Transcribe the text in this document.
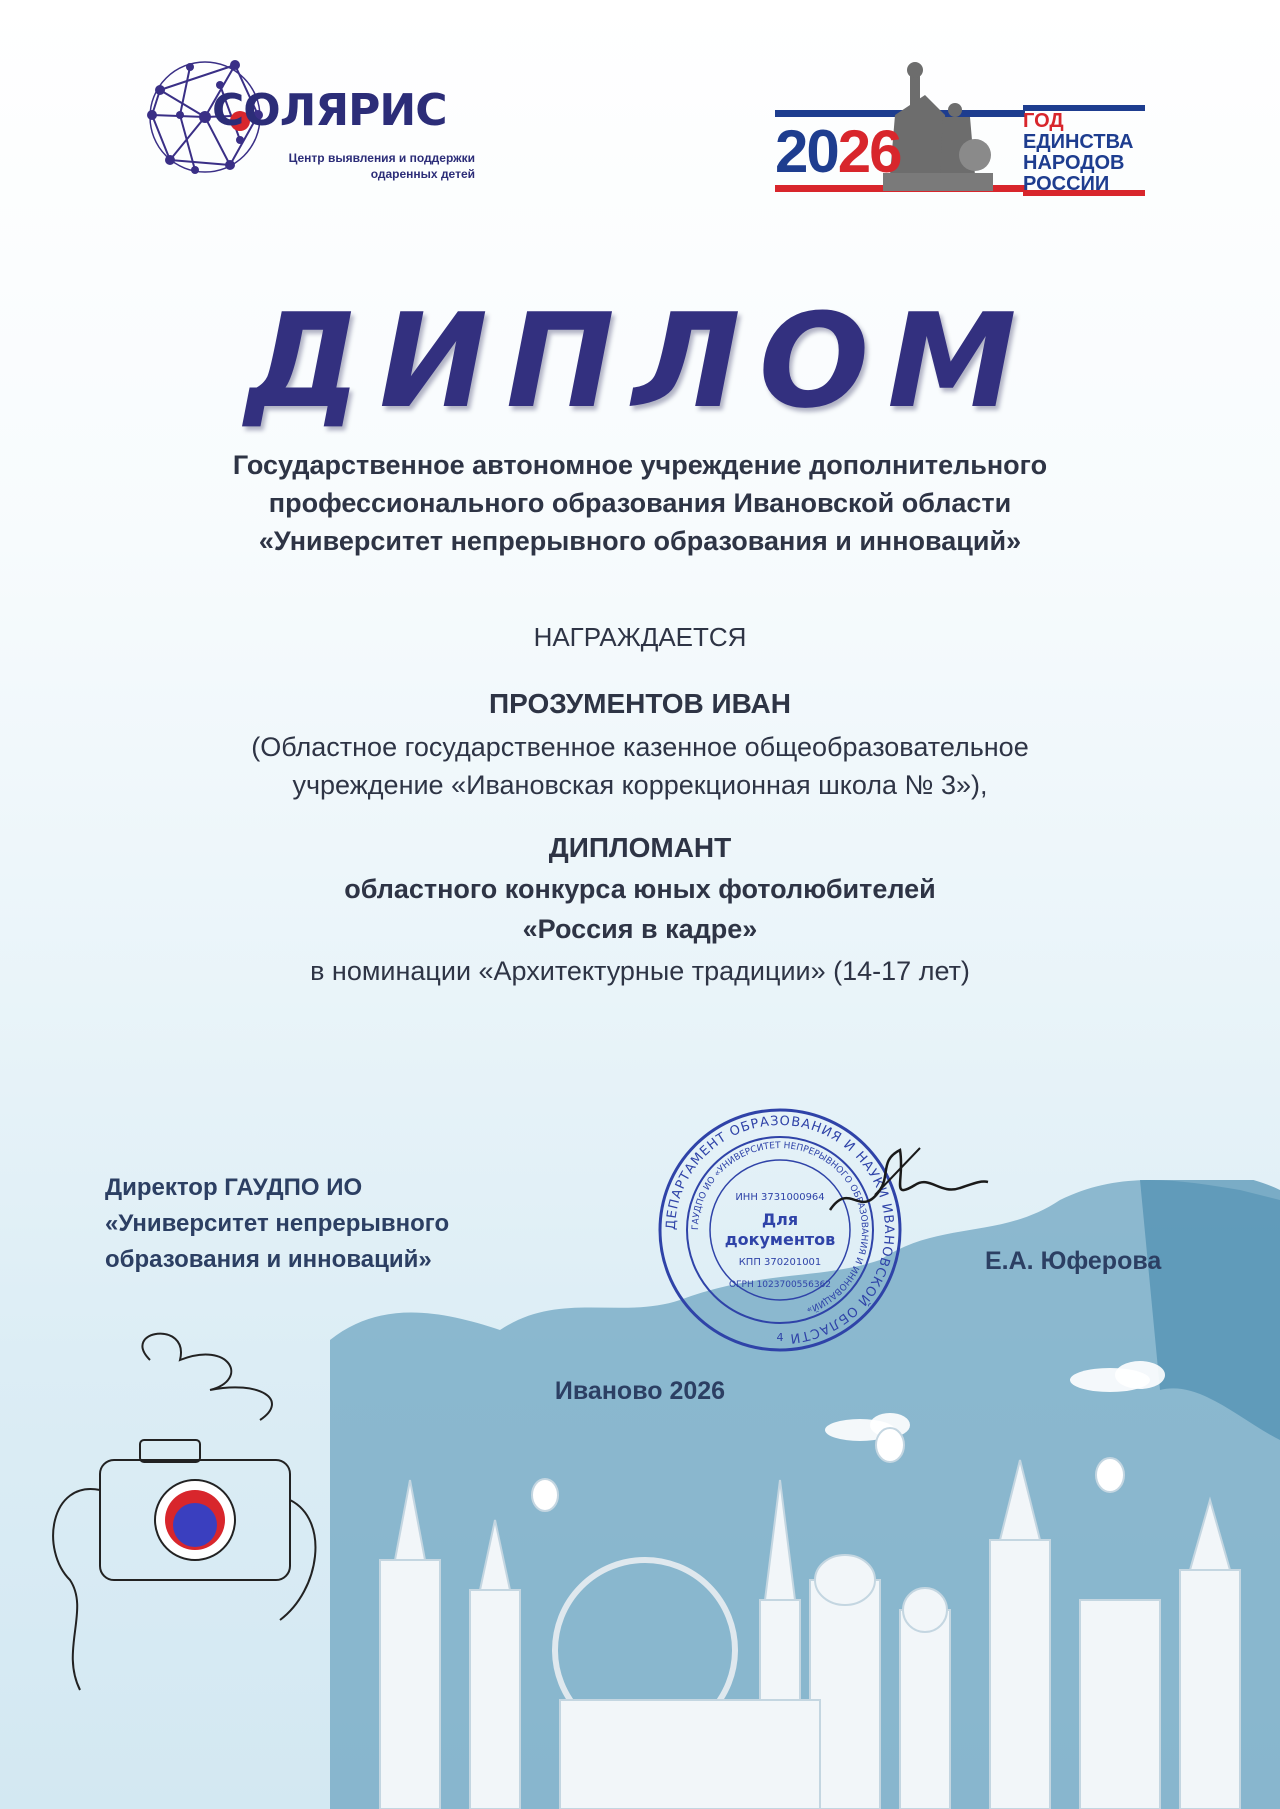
СОЛЯРИС
Центр выявления и поддержки
одаренных детей	2026	ГОД
ЕДИНСТВА
НАРОДОВ
РОССИИ
ДИПЛОМ
Государственное автономное учреждение дополнительного
профессионального образования Ивановской области
«Университет непрерывного образования и инноваций»
НАГРАЖДАЕТСЯ
ПРОЗУМЕНТОВ ИВАН
(Областное государственное казенное общеобразовательное
учреждение «Ивановская коррекционная школа № 3»),
ДИПЛОМАНТ
областного конкурса юных фотолюбителей
«Россия в кадре»
в номинации «Архитектурные традиции» (14-17 лет)
Директор ГАУДПО ИО
«Университет непрерывного
образования и инноваций»
ДЕПАРТАМЕНТ ОБРАЗОВАНИЯ И НАУКИ ИВАНОВСКОЙ ОБЛАСТИ
ГАУДПО ИО «УНИВЕРСИТЕТ НЕПРЕРЫВНОГО ОБРАЗОВАНИЯ И ИННОВАЦИЙ»
ИНН 3731000964
Для
документов
КПП 370201001
ОГРН 1023700556362
4
Е.А. Юферова
Иваново 2026
